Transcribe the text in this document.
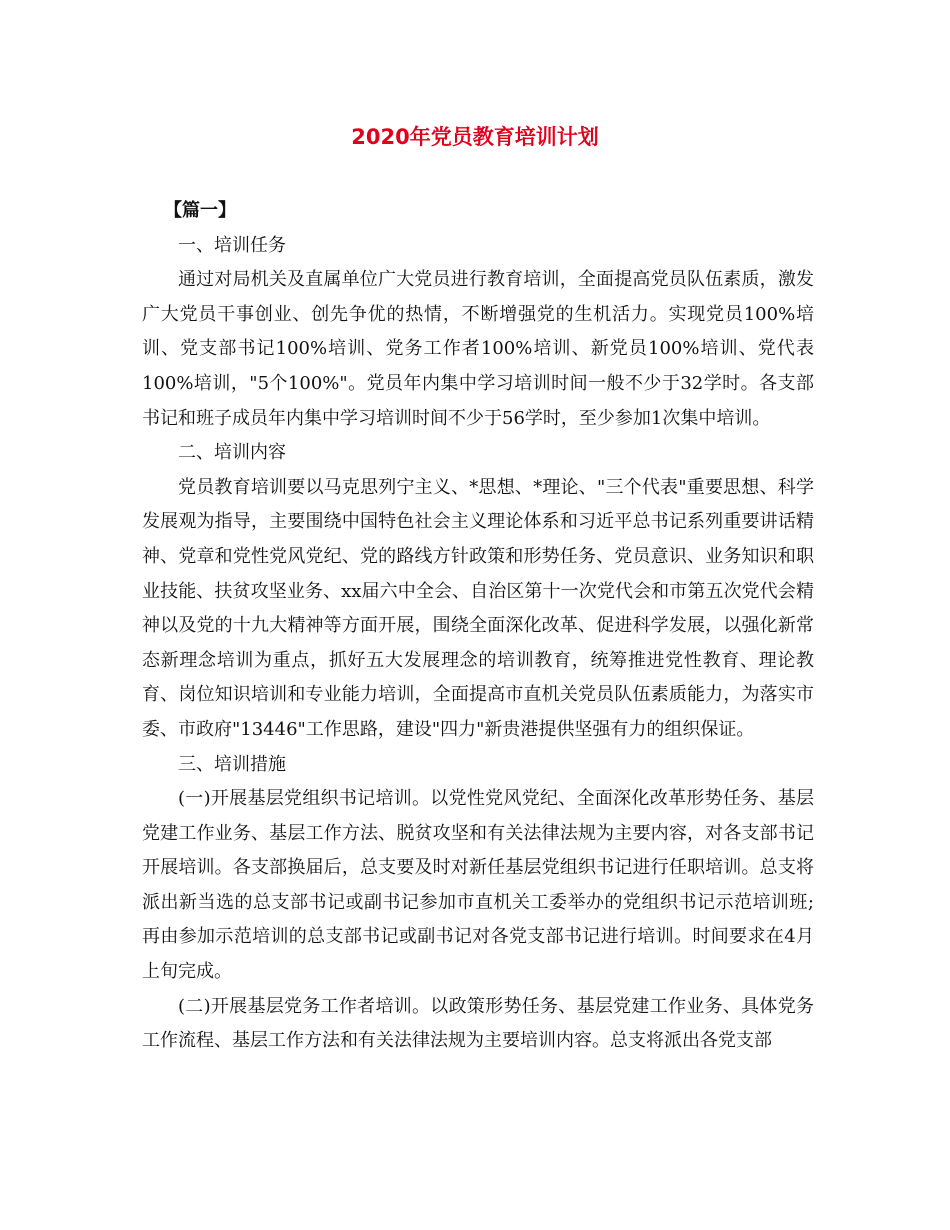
2020年党员教育培训计划

【篇一】

一、培训任务

通过对局机关及直属单位广大党员进行教育培训，全面提高党员队伍素质，激发广大党员干事创业、创先争优的热情，不断增强党的生机活力。实现党员100%培训、党支部书记100%培训、党务工作者100%培训、新党员100%培训、党代表100%培训，"5个100%"。党员年内集中学习培训时间一般不少于32学时。各支部书记和班子成员年内集中学习培训时间不少于56学时，至少参加1次集中培训。

二、培训内容

党员教育培训要以马克思列宁主义、*思想、*理论、"三个代表"重要思想、科学发展观为指导，主要围绕中国特色社会主义理论体系和习近平总书记系列重要讲话精神、党章和党性党风党纪、党的路线方针政策和形势任务、党员意识、业务知识和职业技能、扶贫攻坚业务、xx届六中全会、自治区第十一次党代会和市第五次党代会精神以及党的十九大精神等方面开展，围绕全面深化改革、促进科学发展，以强化新常态新理念培训为重点，抓好五大发展理念的培训教育，统筹推进党性教育、理论教育、岗位知识培训和专业能力培训，全面提高市直机关党员队伍素质能力，为落实市委、市政府"13446"工作思路，建设"四力"新贵港提供坚强有力的组织保证。

三、培训措施

(一)开展基层党组织书记培训。以党性党风党纪、全面深化改革形势任务、基层党建工作业务、基层工作方法、脱贫攻坚和有关法律法规为主要内容，对各支部书记开展培训。各支部换届后，总支要及时对新任基层党组织书记进行任职培训。总支将派出新当选的总支部书记或副书记参加市直机关工委举办的党组织书记示范培训班;再由参加示范培训的总支部书记或副书记对各党支部书记进行培训。时间要求在4月上旬完成。

(二)开展基层党务工作者培训。以政策形势任务、基层党建工作业务、具体党务工作流程、基层工作方法和有关法律法规为主要培训内容。总支将派出各党支部
